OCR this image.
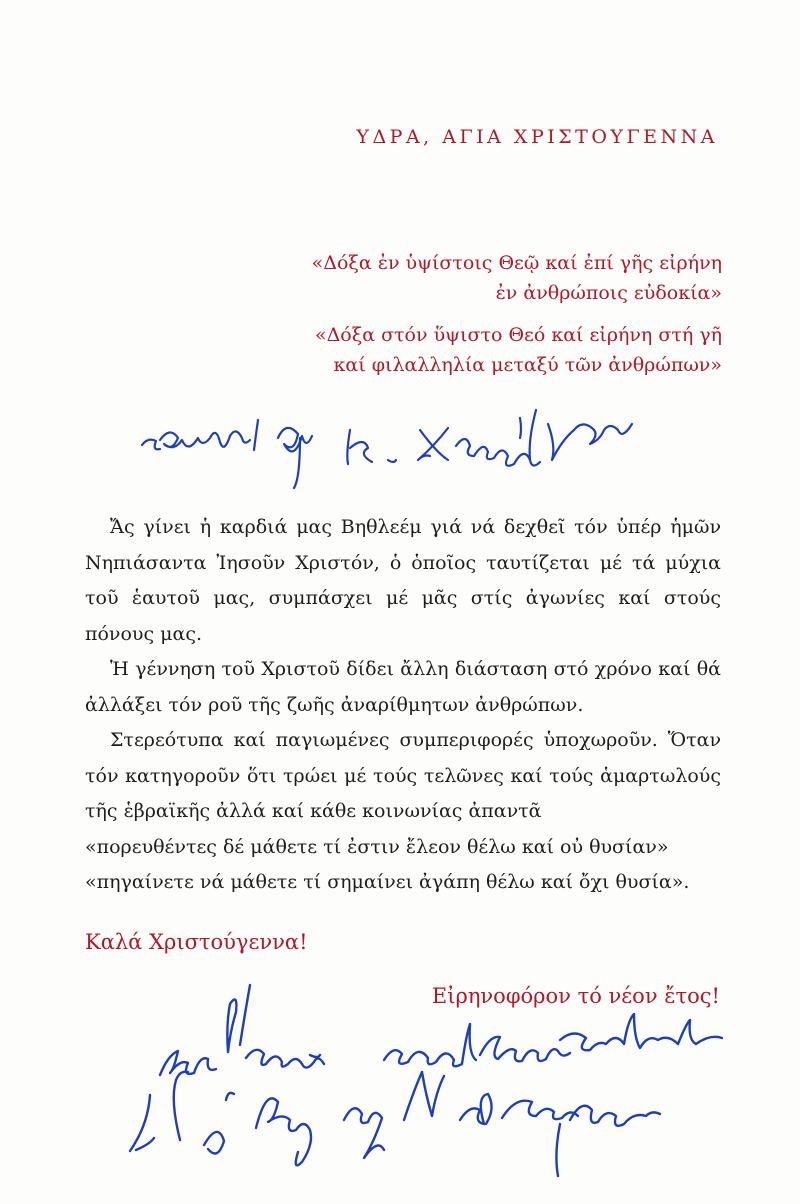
ΥΔΡΑ, ΑΓΙΑ ΧΡΙΣΤΟΥΓΕΝΝΑ

«Δόξα ἐν ὑψίστοις Θεῷ καί ἐπί γῆς εἰρήνη

ἐν ἀνθρώποις εὐδοκία»

«Δόξα στόν ὕψιστο Θεό καί εἰρήνη στή γῆ

καί φιλαλληλία μεταξύ τῶν ἀνθρώπων»

Ἄς γίνει ἡ καρδιά μας Βηθλεέμ γιά νά δεχθεῖ τόν ὑπέρ ἡμῶν Νηπιάσαντα Ἰησοῦν Χριστόν, ὁ ὁποῖος ταυτίζεται μέ τά μύχια τοῦ ἑαυτοῦ μας, συμπάσχει μέ μᾶς στίς ἀγωνίες καί στούς πόνους μας.

Ἡ γέννηση τοῦ Χριστοῦ δίδει ἄλλη διάσταση στό χρόνο καί θά ἀλλάξει τόν ροῦ τῆς ζωῆς ἀναρίθμητων ἀνθρώπων.

Στερεότυπα καί παγιωμένες συμπεριφορές ὑποχωροῦν. Ὅταν τόν κατηγοροῦν ὅτι τρώει μέ τούς τελῶνες καί τούς ἁμαρτωλούς τῆς ἑβραϊκῆς ἀλλά καί κάθε κοινωνίας ἀπαντᾶ

«πορευθέντες δέ μάθετε τί ἐστιν ἔλεον θέλω καί οὐ θυσίαν»

«πηγαίνετε νά μάθετε τί σημαίνει ἀγάπη θέλω καί ὄχι θυσία».

Καλά Χριστούγεννα!
Εἰρηνοφόρον τό νέον ἔτος!
